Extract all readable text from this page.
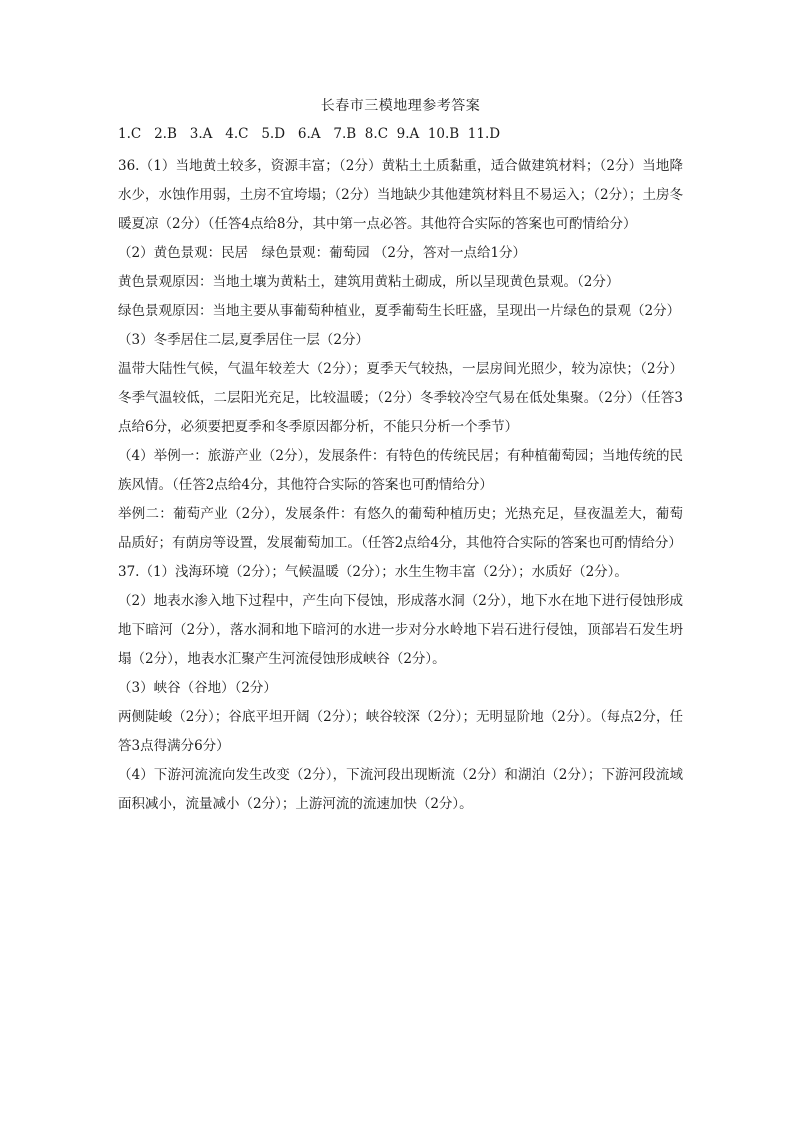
长春市三模地理参考答案
1.C   2.B   3.A   4.C   5.D   6.A   7.B  8.C  9.A  10.B  11.D

36.（1）当地黄土较多，资源丰富；（2分）黄粘土土质黏重，适合做建筑材料；（2分）当地降水少，水蚀作用弱，土房不宜垮塌；（2分）当地缺少其他建筑材料且不易运入；（2分）；土房冬暖夏凉（2分）（任答4点给8分，其中第一点必答。其他符合实际的答案也可酌情给分）

（2）黄色景观：民居　绿色景观：葡萄园 （2分，答对一点给1分）

黄色景观原因：当地土壤为黄粘土，建筑用黄粘土砌成，所以呈现黄色景观。（2分）

绿色景观原因：当地主要从事葡萄种植业，夏季葡萄生长旺盛，呈现出一片绿色的景观（2分）

（3）冬季居住二层,夏季居住一层（2分）

温带大陆性气候，气温年较差大（2分）；夏季天气较热，一层房间光照少，较为凉快；（2分）冬季气温较低，二层阳光充足，比较温暖；（2分）冬季较冷空气易在低处集聚。（2分）（任答3点给6分，必须要把夏季和冬季原因都分析，不能只分析一个季节）

（4）举例一：旅游产业（2分），发展条件：有特色的传统民居；有种植葡萄园；当地传统的民族风情。（任答2点给4分，其他符合实际的答案也可酌情给分）

举例二：葡萄产业（2分），发展条件：有悠久的葡萄种植历史；光热充足，昼夜温差大，葡萄品质好；有荫房等设置，发展葡萄加工。（任答2点给4分，其他符合实际的答案也可酌情给分）

37.（1）浅海环境（2分）；气候温暖（2分）；水生生物丰富（2分）；水质好（2分）。

（2）地表水渗入地下过程中，产生向下侵蚀，形成落水洞（2分），地下水在地下进行侵蚀形成地下暗河（2分），落水洞和地下暗河的水进一步对分水岭地下岩石进行侵蚀，顶部岩石发生坍塌（2分），地表水汇聚产生河流侵蚀形成峡谷（2分）。

（3）峡谷（谷地）（2分）

两侧陡峻（2分）；谷底平坦开阔（2分）；峡谷较深（2分）；无明显阶地（2分）。（每点2分，任答3点得满分6分）

（4）下游河流流向发生改变（2分），下流河段出现断流（2分）和湖泊（2分）；下游河段流域面积减小，流量减小（2分）；上游河流的流速加快（2分）。
